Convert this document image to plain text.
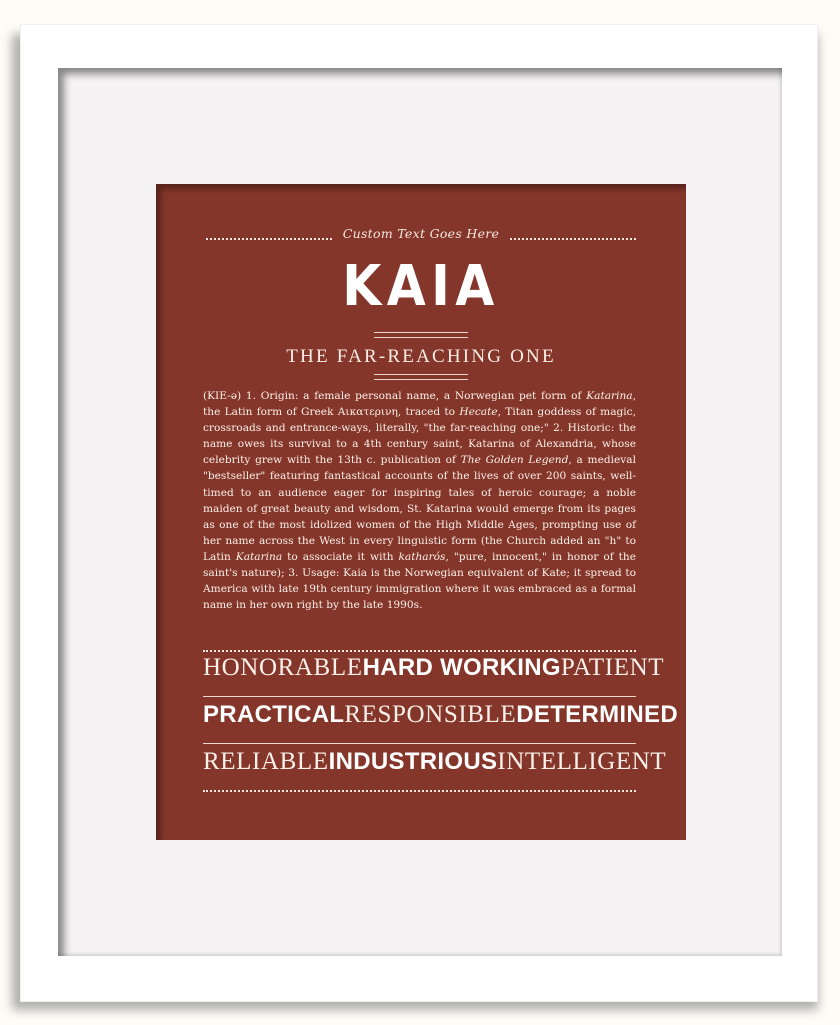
Custom Text Goes Here
KAIA
THE FAR-REACHING ONE

(KIE-ə) 1. Origin: a female personal name, a Norwegian pet form of Katarina, the Latin form of Greek Αικατερινη, traced to Hecate, Titan goddess of magic, crossroads and entrance-ways, literally, "the far-reaching one;" 2. Historic: the name owes its survival to a 4th century saint, Katarina of Alexandria, whose celebrity grew with the 13th c. publication of The Golden Legend, a medieval "bestseller" featuring fantastical accounts of the lives of over 200 saints, well-timed to an audience eager for inspiring tales of heroic courage; a noble maiden of great beauty and wisdom, St. Katarina would emerge from its pages as one of the most idolized women of the High Middle Ages, prompting use of her name across the West in every linguistic form (the Church added an "h" to Latin Katarina to associate it with katharós, "pure, innocent," in honor of the saint's nature); 3. Usage: Kaia is the Norwegian equivalent of Kate; it spread to America with late 19th century immigration where it was embraced as a formal name in her own right by the late 1990s.

HONORABLE HARD WORKING PATIENT
PRACTICAL RESPONSIBLE DETERMINED
RELIABLE INDUSTRIOUS INTELLIGENT
